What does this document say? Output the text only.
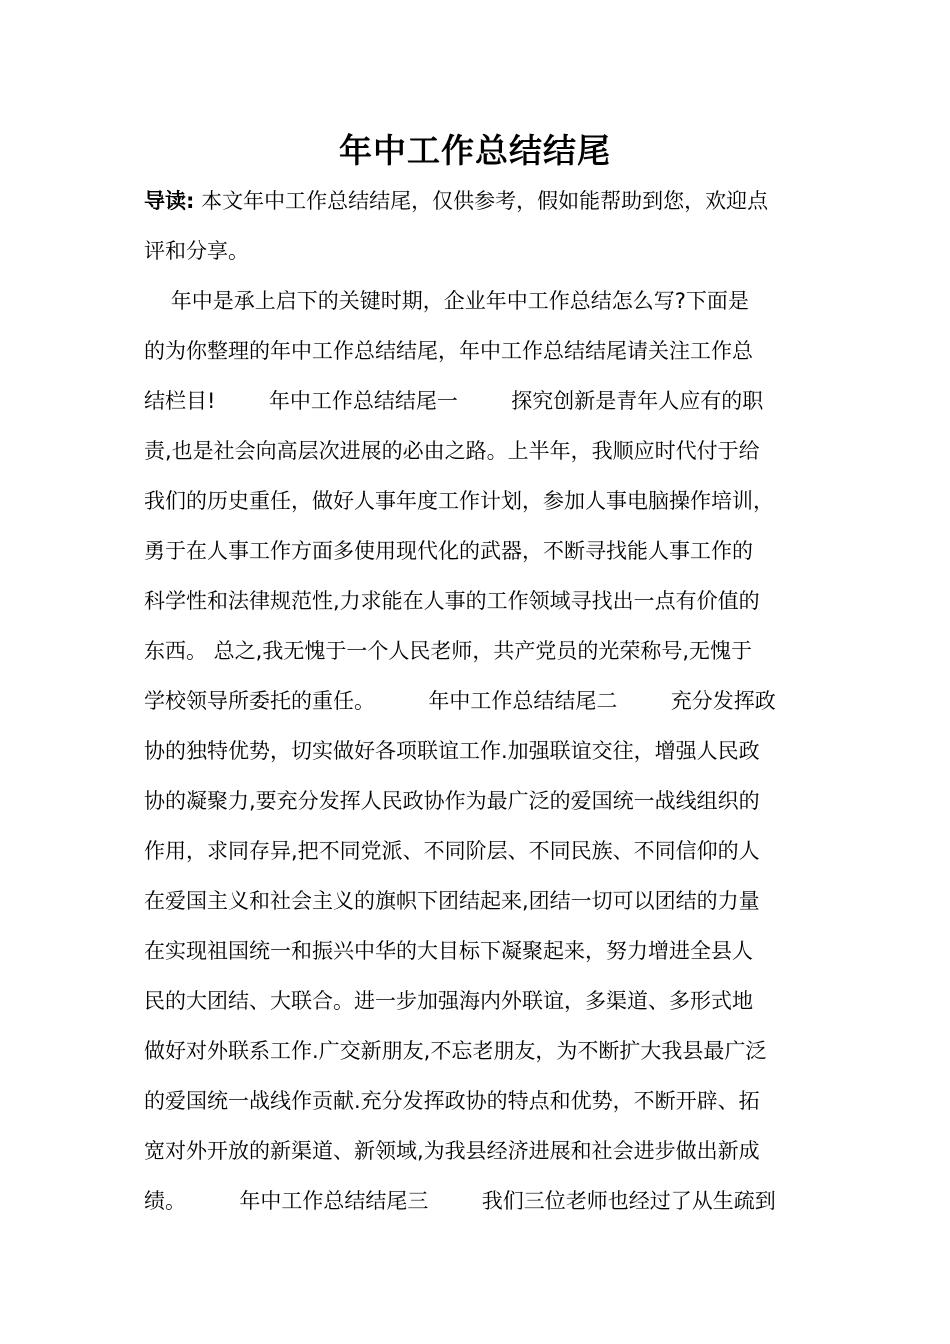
年中工作总结结尾
导读: 本文年中工作总结结尾，仅供参考，假如能帮助到您，欢迎点
评和分享。
年中是承上启下的关键时期，企业年中工作总结怎么写?下面是
的为你整理的年中工作总结结尾，年中工作总结结尾请关注工作总
结栏目!        年中工作总结结尾一        探究创新是青年人应有的职
责,也是社会向高层次进展的必由之路。上半年，我顺应时代付于给
我们的历史重任，做好人事年度工作计划，参加人事电脑操作培训，
勇于在人事工作方面多使用现代化的武器，不断寻找能人事工作的
科学性和法律规范性,力求能在人事的工作领域寻找出一点有价值的
东西。 总之,我无愧于一个人民老师，共产党员的光荣称号,无愧于
学校领导所委托的重任。        年中工作总结结尾二        充分发挥政
协的独特优势，切实做好各项联谊工作.加强联谊交往，增强人民政
协的凝聚力,要充分发挥人民政协作为最广泛的爱国统一战线组织的
作用，求同存异,把不同党派、不同阶层、不同民族、不同信仰的人
在爱国主义和社会主义的旗帜下团结起来,团结一切可以团结的力量
在实现祖国统一和振兴中华的大目标下凝聚起来，努力增进全县人
民的大团结、大联合。进一步加强海内外联谊，多渠道、多形式地
做好对外联系工作.广交新朋友,不忘老朋友，为不断扩大我县最广泛
的爱国统一战线作贡献.充分发挥政协的特点和优势，不断开辟、拓
宽对外开放的新渠道、新领域,为我县经济进展和社会进步做出新成
绩。        年中工作总结结尾三        我们三位老师也经过了从生疏到
